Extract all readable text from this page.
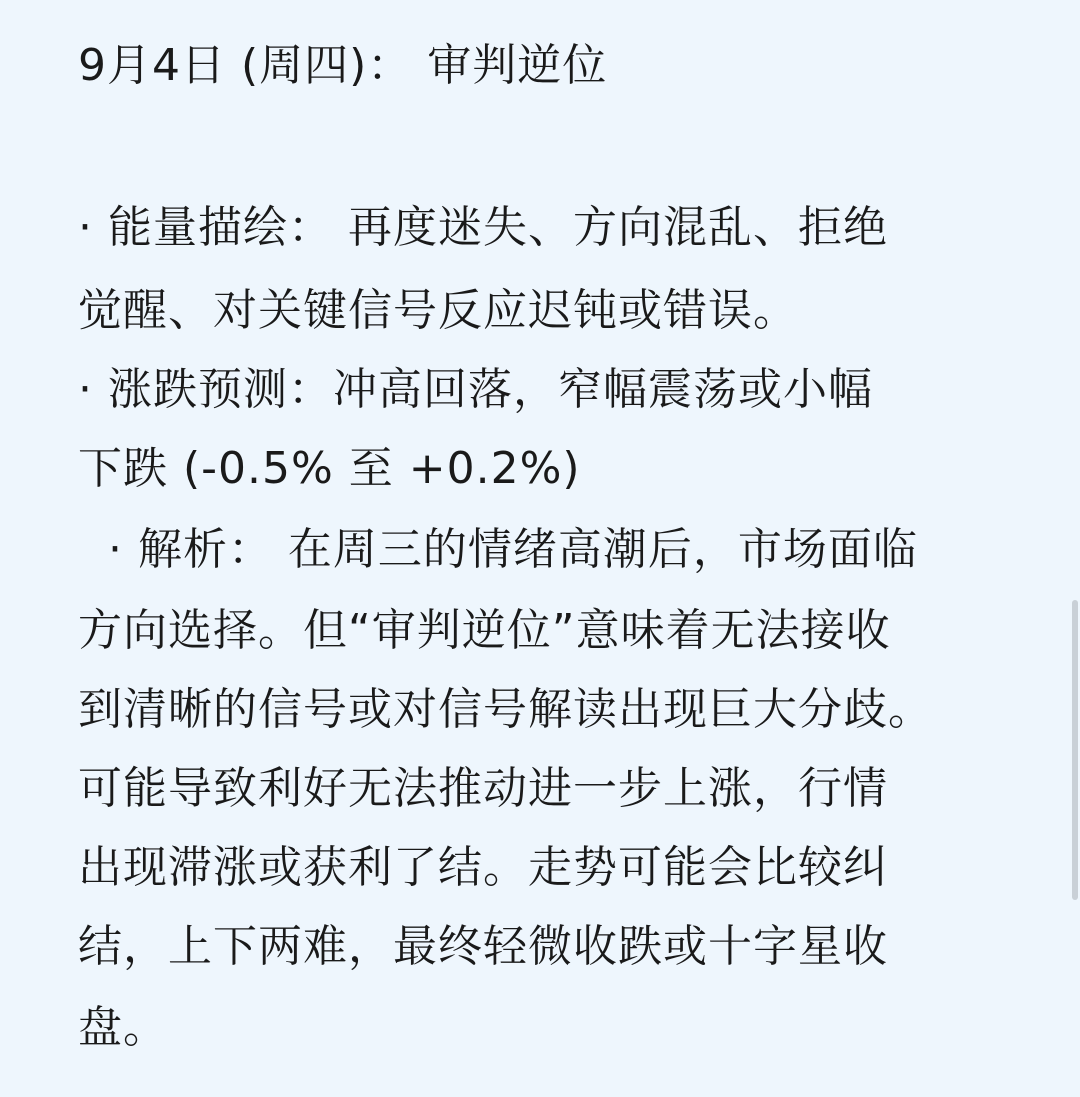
9月4日 (周四)： 审判逆位

· 能量描绘： 再度迷失、方向混乱、拒绝

觉醒、对关键信号反应迟钝或错误。

· 涨跌预测：冲高回落，窄幅震荡或小幅

下跌 (-0.5% 至 +0.2%)

· 解析： 在周三的情绪高潮后，市场面临

方向选择。但“审判逆位”意味着无法接收

到清晰的信号或对信号解读出现巨大分歧。

可能导致利好无法推动进一步上涨，行情

出现滞涨或获利了结。走势可能会比较纠

结，上下两难，最终轻微收跌或十字星收

盘。
